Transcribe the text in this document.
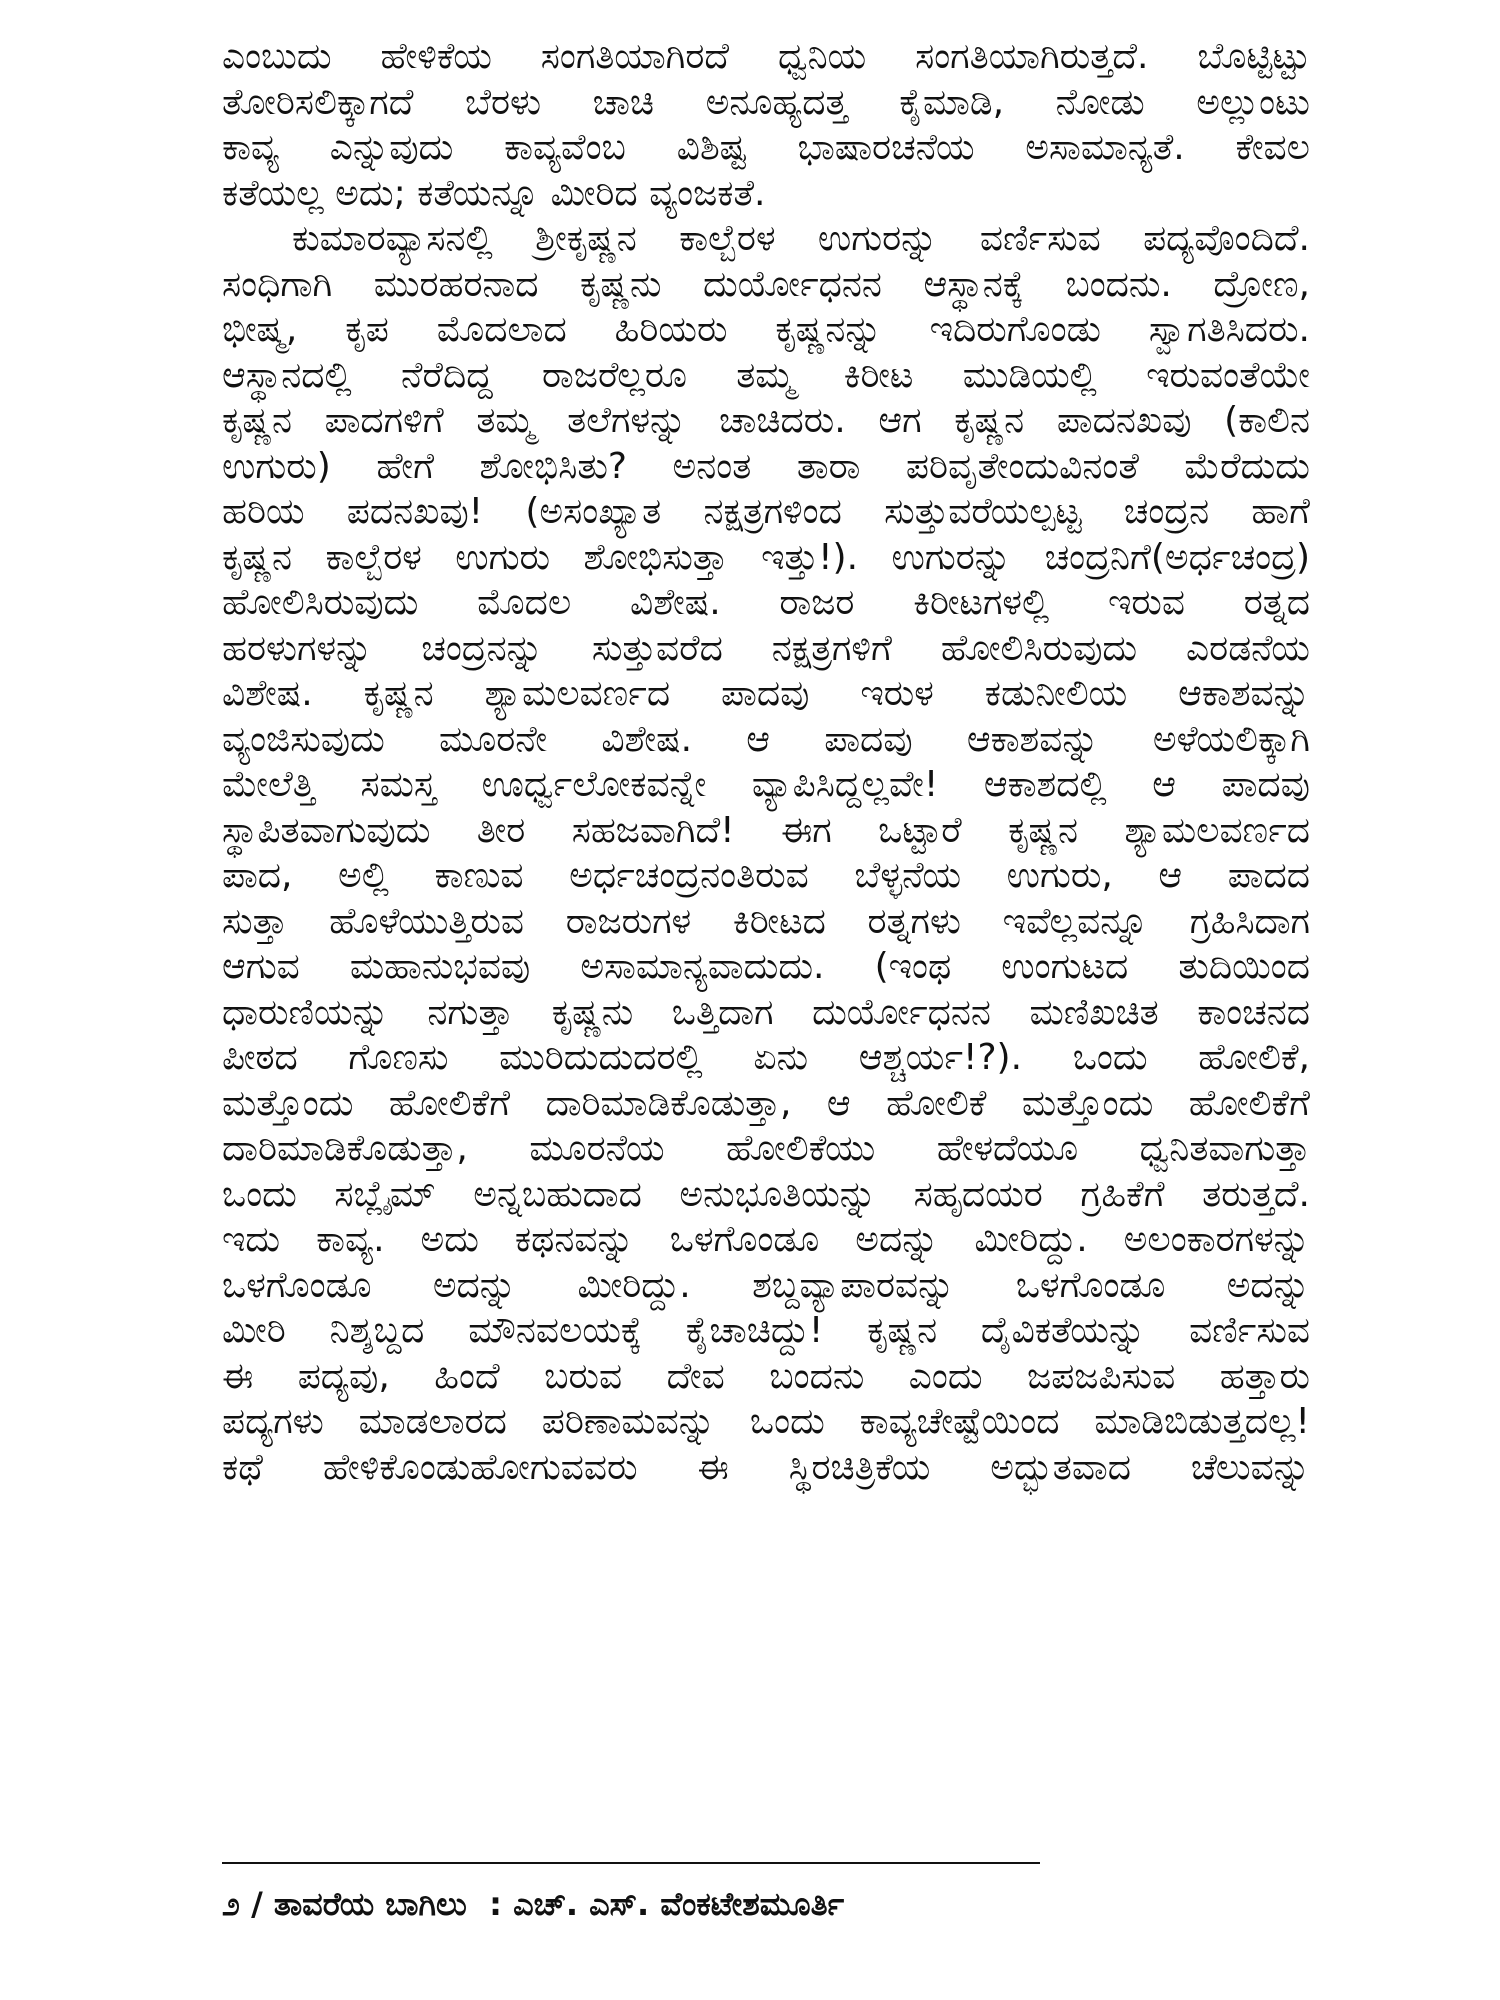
ಎಂಬುದು ಹೇಳಿಕೆಯ ಸಂಗತಿಯಾಗಿರದೆ ಧ್ವನಿಯ ಸಂಗತಿಯಾಗಿರುತ್ತದೆ. ಬೊಟ್ಟಿಟ್ಟು
ತೋರಿಸಲಿಕ್ಕಾಗದೆ ಬೆರಳು ಚಾಚಿ ಅನೂಹ್ಯದತ್ತ ಕೈಮಾಡಿ, ನೋಡು ಅಲ್ಲುಂಟು
ಕಾವ್ಯ ಎನ್ನುವುದು ಕಾವ್ಯವೆಂಬ ವಿಶಿಷ್ಟ ಭಾಷಾರಚನೆಯ ಅಸಾಮಾನ್ಯತೆ. ಕೇವಲ
ಕತೆಯಲ್ಲ ಅದು; ಕತೆಯನ್ನೂ ಮೀರಿದ ವ್ಯಂಜಕತೆ.
ಕುಮಾರವ್ಯಾಸನಲ್ಲಿ ಶ್ರೀಕೃಷ್ಣನ ಕಾಲ್ಬೆರಳ ಉಗುರನ್ನು ವರ್ಣಿಸುವ ಪದ್ಯವೊಂದಿದೆ.
ಸಂಧಿಗಾಗಿ ಮುರಹರನಾದ ಕೃಷ್ಣನು ದುರ್ಯೋಧನನ ಆಸ್ಥಾನಕ್ಕೆ ಬಂದನು. ದ್ರೋಣ,
ಭೀಷ್ಮ, ಕೃಪ ಮೊದಲಾದ ಹಿರಿಯರು ಕೃಷ್ಣನನ್ನು ಇದಿರುಗೊಂಡು ಸ್ವಾಗತಿಸಿದರು.
ಆಸ್ಥಾನದಲ್ಲಿ ನೆರೆದಿದ್ದ ರಾಜರೆಲ್ಲರೂ ತಮ್ಮ ಕಿರೀಟ ಮುಡಿಯಲ್ಲಿ ಇರುವಂತೆಯೇ
ಕೃಷ್ಣನ ಪಾದಗಳಿಗೆ ತಮ್ಮ ತಲೆಗಳನ್ನು ಚಾಚಿದರು. ಆಗ ಕೃಷ್ಣನ ಪಾದನಖವು (ಕಾಲಿನ
ಉಗುರು) ಹೇಗೆ ಶೋಭಿಸಿತು? ಅನಂತ ತಾರಾ ಪರಿವೃತೇಂದುವಿನಂತೆ ಮೆರೆದುದು
ಹರಿಯ ಪದನಖವು! (ಅಸಂಖ್ಯಾತ ನಕ್ಷತ್ರಗಳಿಂದ ಸುತ್ತುವರೆಯಲ್ಪಟ್ಟ ಚಂದ್ರನ ಹಾಗೆ
ಕೃಷ್ಣನ ಕಾಲ್ಬೆರಳ ಉಗುರು ಶೋಭಿಸುತ್ತಾ ಇತ್ತು!). ಉಗುರನ್ನು ಚಂದ್ರನಿಗೆ(ಅರ್ಧಚಂದ್ರ)
ಹೋಲಿಸಿರುವುದು ಮೊದಲ ವಿಶೇಷ. ರಾಜರ ಕಿರೀಟಗಳಲ್ಲಿ ಇರುವ ರತ್ನದ
ಹರಳುಗಳನ್ನು ಚಂದ್ರನನ್ನು ಸುತ್ತುವರೆದ ನಕ್ಷತ್ರಗಳಿಗೆ ಹೋಲಿಸಿರುವುದು ಎರಡನೆಯ
ವಿಶೇಷ. ಕೃಷ್ಣನ ಶ್ಯಾಮಲವರ್ಣದ ಪಾದವು ಇರುಳ ಕಡುನೀಲಿಯ ಆಕಾಶವನ್ನು
ವ್ಯಂಜಿಸುವುದು ಮೂರನೇ ವಿಶೇಷ. ಆ ಪಾದವು ಆಕಾಶವನ್ನು ಅಳೆಯಲಿಕ್ಕಾಗಿ
ಮೇಲೆತ್ತಿ ಸಮಸ್ತ ಊರ್ಧ್ವಲೋಕವನ್ನೇ ವ್ಯಾಪಿಸಿದ್ದಲ್ಲವೇ! ಆಕಾಶದಲ್ಲಿ ಆ ಪಾದವು
ಸ್ಥಾಪಿತವಾಗುವುದು ತೀರ ಸಹಜವಾಗಿದೆ! ಈಗ ಒಟ್ಟಾರೆ ಕೃಷ್ಣನ ಶ್ಯಾಮಲವರ್ಣದ
ಪಾದ, ಅಲ್ಲಿ ಕಾಣುವ ಅರ್ಧಚಂದ್ರನಂತಿರುವ ಬೆಳ್ಳನೆಯ ಉಗುರು, ಆ ಪಾದದ
ಸುತ್ತಾ ಹೊಳೆಯುತ್ತಿರುವ ರಾಜರುಗಳ ಕಿರೀಟದ ರತ್ನಗಳು ಇವೆಲ್ಲವನ್ನೂ ಗ್ರಹಿಸಿದಾಗ
ಆಗುವ ಮಹಾನುಭವವು ಅಸಾಮಾನ್ಯವಾದುದು. (ಇಂಥ ಉಂಗುಟದ ತುದಿಯಿಂದ
ಧಾರುಣಿಯನ್ನು ನಗುತ್ತಾ ಕೃಷ್ಣನು ಒತ್ತಿದಾಗ ದುರ್ಯೋಧನನ ಮಣಿಖಚಿತ ಕಾಂಚನದ
ಪೀಠದ ಗೊಣಸು ಮುರಿದುದುದರಲ್ಲಿ ಏನು ಆಶ್ಚರ್ಯ!?). ಒಂದು ಹೋಲಿಕೆ,
ಮತ್ತೊಂದು ಹೋಲಿಕೆಗೆ ದಾರಿಮಾಡಿಕೊಡುತ್ತಾ, ಆ ಹೋಲಿಕೆ ಮತ್ತೊಂದು ಹೋಲಿಕೆಗೆ
ದಾರಿಮಾಡಿಕೊಡುತ್ತಾ, ಮೂರನೆಯ ಹೋಲಿಕೆಯು ಹೇಳದೆಯೂ ಧ್ವನಿತವಾಗುತ್ತಾ
ಒಂದು ಸಬ್ಲೈಮ್ ಅನ್ನಬಹುದಾದ ಅನುಭೂತಿಯನ್ನು ಸಹೃದಯರ ಗ್ರಹಿಕೆಗೆ ತರುತ್ತದೆ.
ಇದು ಕಾವ್ಯ. ಅದು ಕಥನವನ್ನು ಒಳಗೊಂಡೂ ಅದನ್ನು ಮೀರಿದ್ದು. ಅಲಂಕಾರಗಳನ್ನು
ಒಳಗೊಂಡೂ ಅದನ್ನು ಮೀರಿದ್ದು. ಶಬ್ದವ್ಯಾಪಾರವನ್ನು ಒಳಗೊಂಡೂ ಅದನ್ನು
ಮೀರಿ ನಿಶ್ಶಬ್ದದ ಮೌನವಲಯಕ್ಕೆ ಕೈಚಾಚಿದ್ದು! ಕೃಷ್ಣನ ದೈವಿಕತೆಯನ್ನು ವರ್ಣಿಸುವ
ಈ ಪದ್ಯವು, ಹಿಂದೆ ಬರುವ ದೇವ ಬಂದನು ಎಂದು ಜಪಜಪಿಸುವ ಹತ್ತಾರು
ಪದ್ಯಗಳು ಮಾಡಲಾರದ ಪರಿಣಾಮವನ್ನು ಒಂದು ಕಾವ್ಯಚೇಷ್ಟೆಯಿಂದ ಮಾಡಿಬಿಡುತ್ತದಲ್ಲ!
ಕಥೆ ಹೇಳಿಕೊಂಡುಹೋಗುವವರು ಈ ಸ್ಥಿರಚಿತ್ರಿಕೆಯ ಅದ್ಭುತವಾದ ಚೆಲುವನ್ನು
೨ / ತಾವರೆಯ ಬಾಗಿಲು  : ಎಚ್. ಎಸ್. ವೆಂಕಟೇಶಮೂರ್ತಿ
